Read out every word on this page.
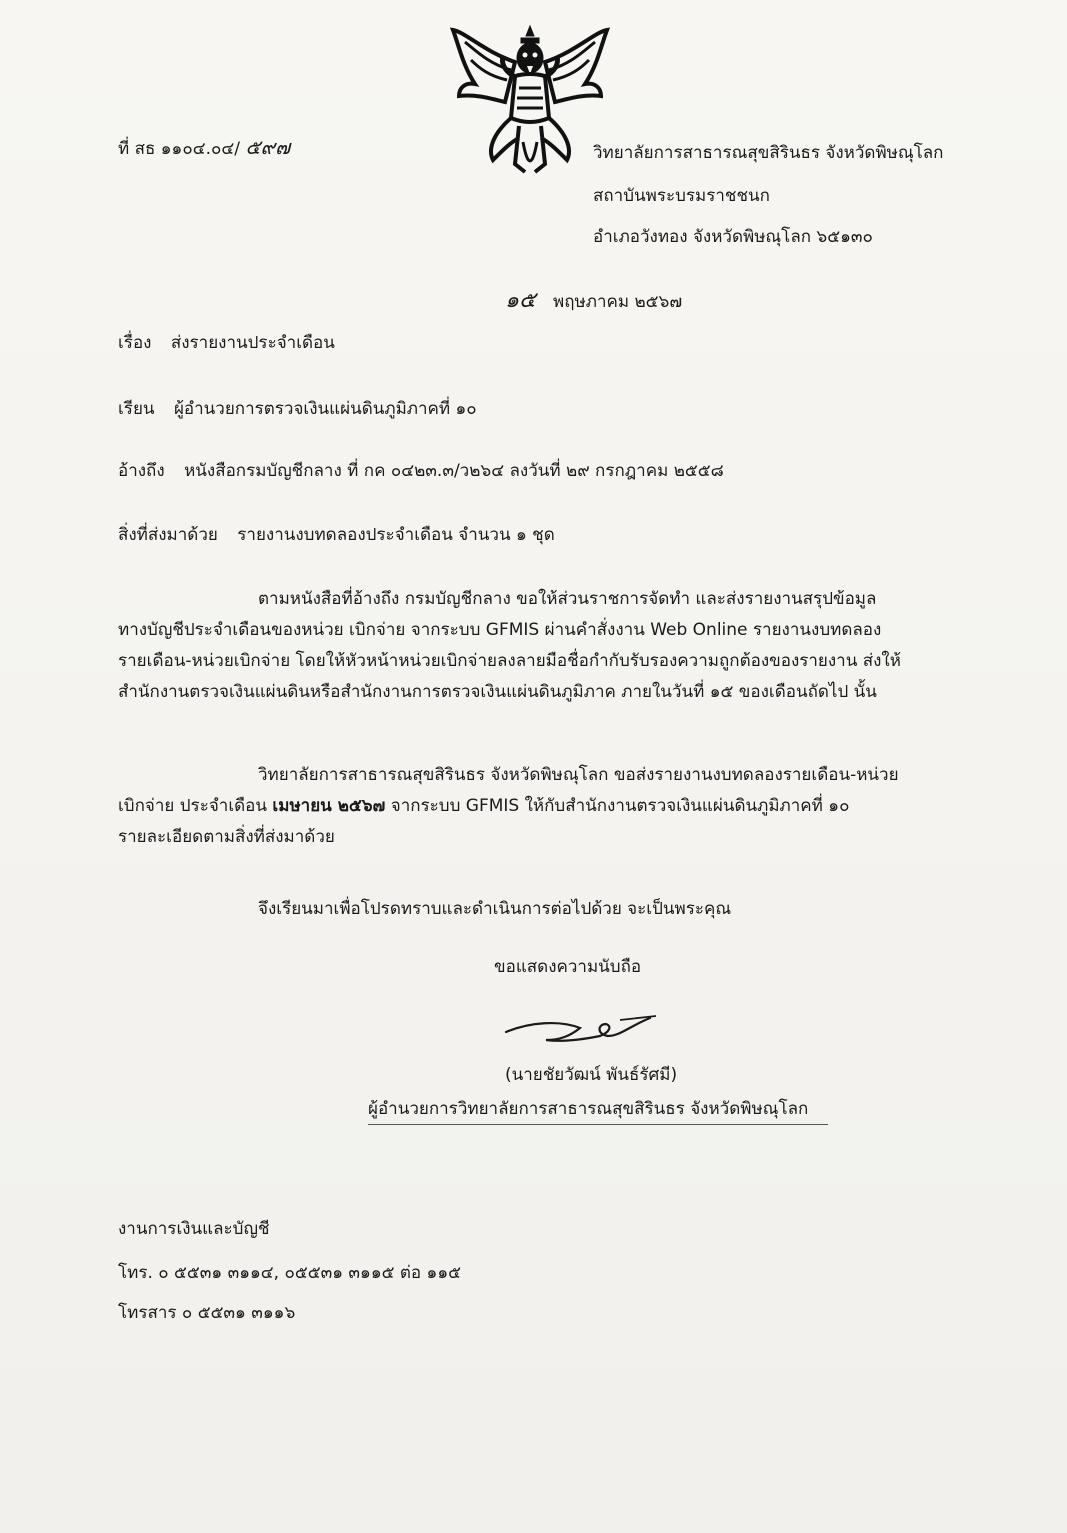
ที่ สธ ๑๑๐๔.๐๔/ ๕๙๗	วิทยาลัยการสาธารณสุขสิรินธร จังหวัดพิษณุโลก
สถาบันพระบรมราชชนก
อำเภอวังทอง จังหวัดพิษณุโลก ๖๕๑๓๐
๑๕ พฤษภาคม ๒๕๖๗
เรื่อง ส่งรายงานประจำเดือน
เรียน ผู้อำนวยการตรวจเงินแผ่นดินภูมิภาคที่ ๑๐
อ้างถึง หนังสือกรมบัญชีกลาง ที่ กค ๐๔๒๓.๓/ว๒๖๔ ลงวันที่ ๒๙ กรกฎาคม ๒๕๕๘
สิ่งที่ส่งมาด้วย รายงานงบทดลองประจำเดือน จำนวน ๑ ชุด

ตามหนังสือที่อ้างถึง กรมบัญชีกลาง ขอให้ส่วนราชการจัดทำ และส่งรายงานสรุปข้อมูล

ทางบัญชีประจำเดือนของหน่วย เบิกจ่าย จากระบบ GFMIS ผ่านคำสั่งงาน Web Online รายงานงบทดลอง

รายเดือน-หน่วยเบิกจ่าย โดยให้หัวหน้าหน่วยเบิกจ่ายลงลายมือชื่อกำกับรับรองความถูกต้องของรายงาน ส่งให้

สำนักงานตรวจเงินแผ่นดินหรือสำนักงานการตรวจเงินแผ่นดินภูมิภาค ภายในวันที่ ๑๕ ของเดือนถัดไป นั้น

วิทยาลัยการสาธารณสุขสิรินธร จังหวัดพิษณุโลก ขอส่งรายงานงบทดลองรายเดือน-หน่วย

เบิกจ่าย ประจำเดือน เมษายน ๒๕๖๗ จากระบบ GFMIS ให้กับสำนักงานตรวจเงินแผ่นดินภูมิภาคที่ ๑๐

รายละเอียดตามสิ่งที่ส่งมาด้วย

จึงเรียนมาเพื่อโปรดทราบและดำเนินการต่อไปด้วย จะเป็นพระคุณ
ขอแสดงความนับถือ
(นายชัยวัฒน์ พันธ์รัศมี)
ผู้อำนวยการวิทยาลัยการสาธารณสุขสิรินธร จังหวัดพิษณุโลก
งานการเงินและบัญชี
โทร. ๐ ๕๕๓๑ ๓๑๑๔, ๐๕๕๓๑ ๓๑๑๕ ต่อ ๑๑๕
โทรสาร ๐ ๕๕๓๑ ๓๑๑๖
